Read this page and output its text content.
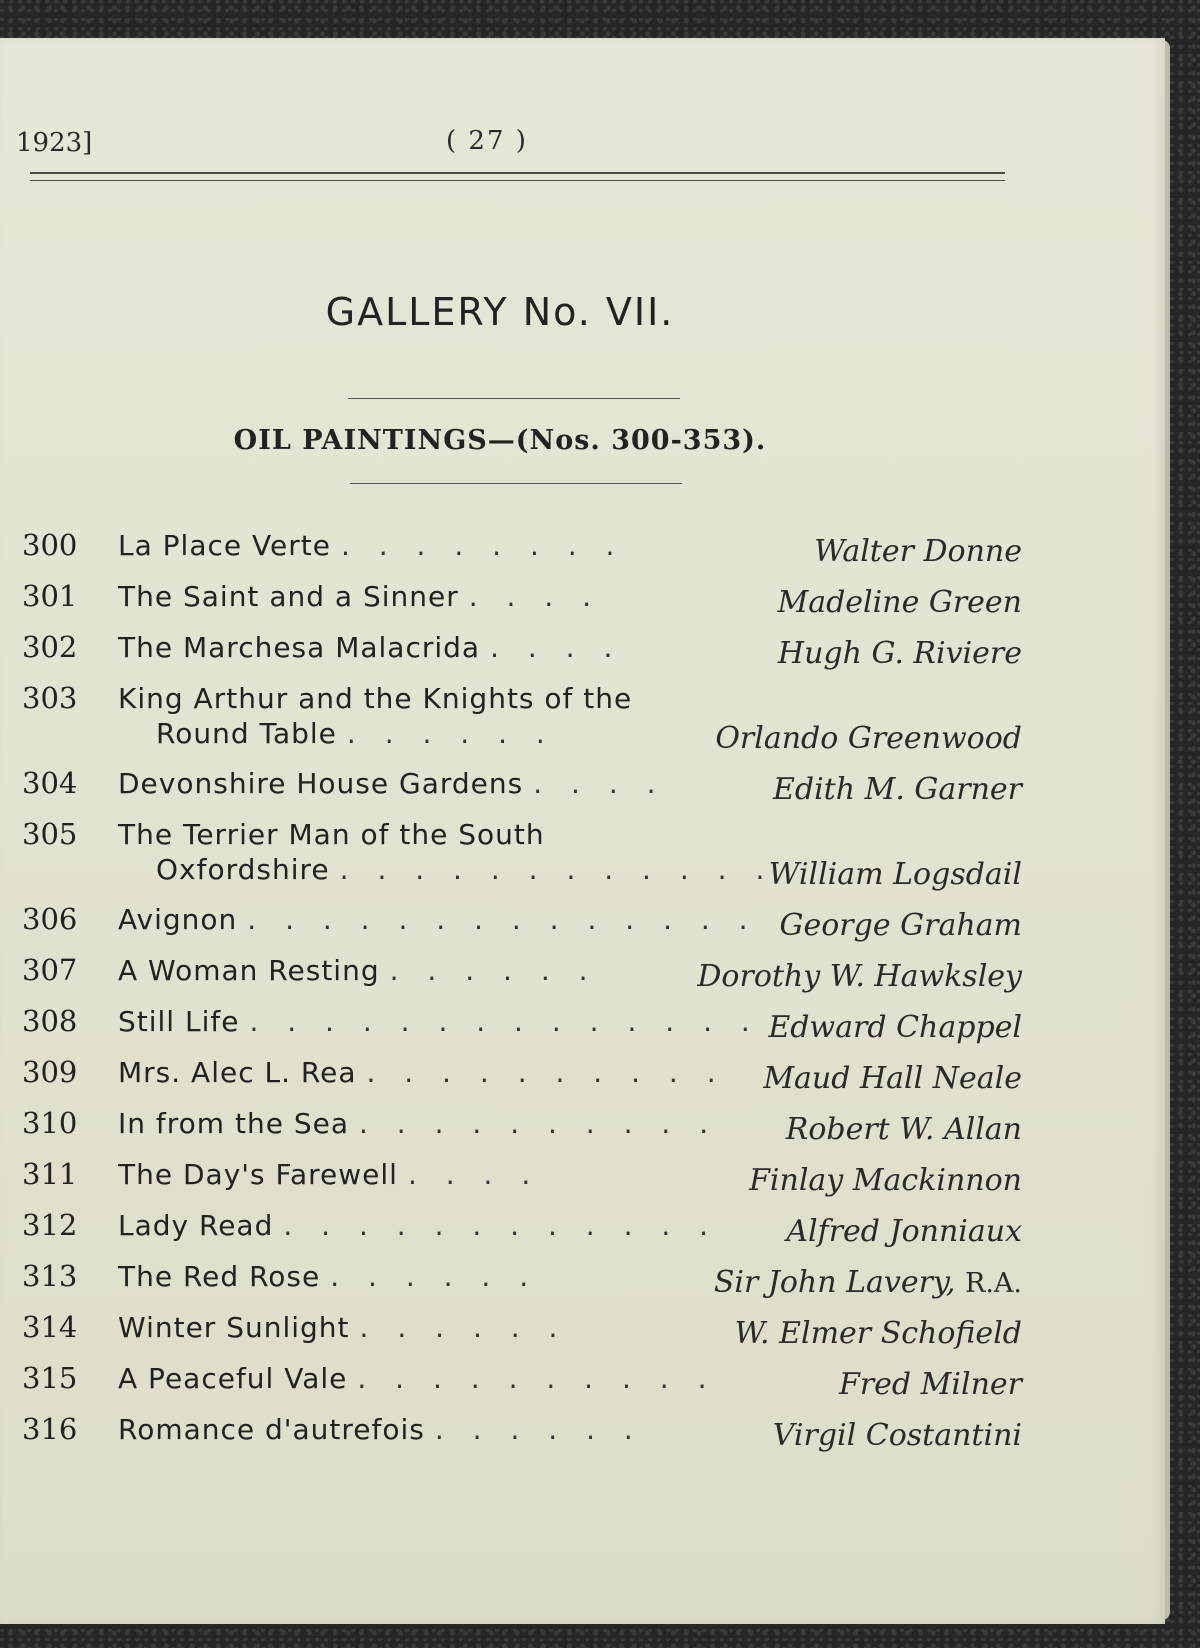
1923]	( 27 )
GALLERY No. VII.
OIL PAINTINGS—(Nos. 300-353).
300	La Place Verte . . . . . . . .	Walter Donne
301	The Saint and a Sinner . . . .	Madeline Green
302	The Marchesa Malacrida . . . .	Hugh G. Riviere
303	King Arthur and the Knights of the
Round Table . . . . . .	Orlando Greenwood
304	Devonshire House Gardens . . . .	Edith M. Garner
305	The Terrier Man of the South
Oxfordshire . . . . . . . . . . . .
William Logsdail
306	Avignon . . . . . . . . . . . . . . George Graham
307	A Woman Resting . . . . . .	Dorothy W. Hawksley
308	Still Life . . . . . . . . . . . . . . Edward Chappel
309	Mrs. Alec L. Rea . . . . . . . . . .	Maud Hall Neale
310	In from the Sea . . . . . . . . . .	Robert W. Allan
311	The Day's Farewell . . . .	Finlay Mackinnon
312	Lady Read . . . . . . . . . . . .	Alfred Jonniaux
313	The Red Rose . . . . . .	Sir John Lavery, R.A.
314	Winter Sunlight . . . . . .	W. Elmer Schofield
315	A Peaceful Vale . . . . . . . . . .	Fred Milner
316	Romance d'autrefois . . . . . .	Virgil Costantini
